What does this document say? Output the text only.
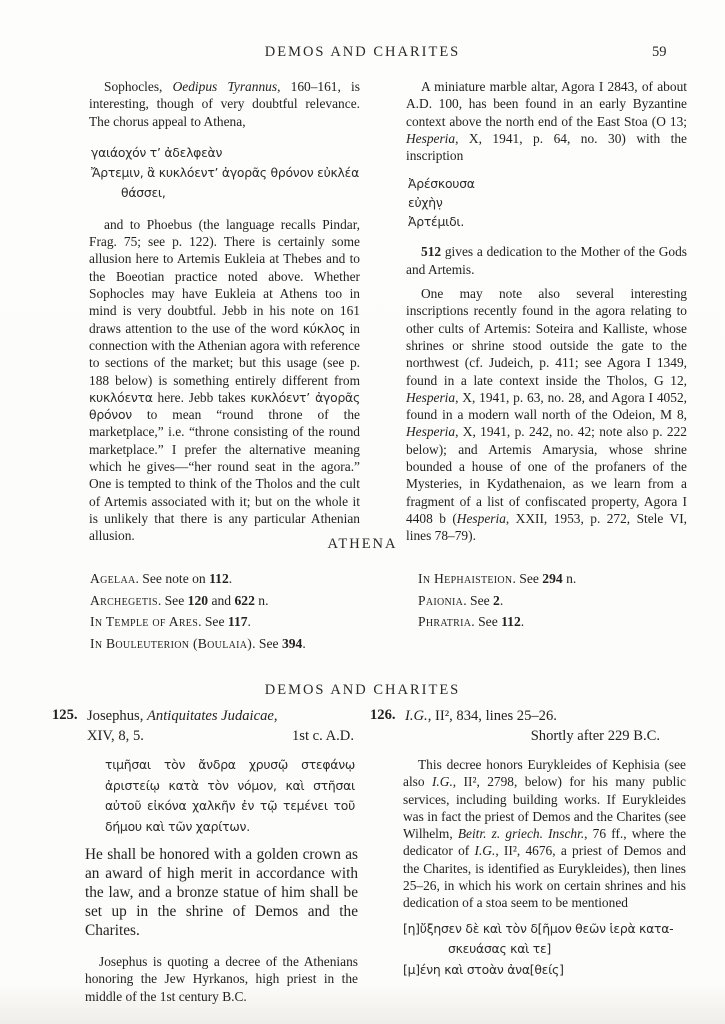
DEMOS AND CHARITES	59

Sophocles, Oedipus Tyrannus, 160–161, is interesting, though of very doubtful relevance. The chorus appeal to Athena,

γαιάοχόν τ’ ἀδελφεὰν
Ἄρτεμιν, ἃ κυκλόεντ’ ἀγορᾶς θρόνον εὐκλέα
θάσσει,

and to Phoebus (the language recalls Pindar, Frag. 75; see p. 122). There is certainly some allusion here to Artemis Eukleia at Thebes and to the Boeotian practice noted above. Whether Sophocles may have Eukleia at Athens too in mind is very doubtful. Jebb in his note on 161 draws attention to the use of the word κύκλος in connection with the Athenian agora with reference to sections of the market; but this usage (see p. 188 below) is something entirely different from κυκλόεντα here. Jebb takes κυκλόεντ’ ἀγορᾶς θρόνον to mean “round throne of the marketplace,” i.e. “throne consisting of the round marketplace.” I prefer the alternative meaning which he gives—“her round seat in the agora.” One is tempted to think of the Tholos and the cult of Artemis associated with it; but on the whole it is unlikely that there is any particular Athenian allusion.

A miniature marble altar, Agora I 2843, of about A.D. 100, has been found in an early Byzantine context above the north end of the East Stoa (O 13; Hesperia, X, 1941, p. 64, no. 30) with the inscription

Ἀρέσκουσα
εὐχὴν̣
Ἀρτέμιδι.

512 gives a dedication to the Mother of the Gods and Artemis.

One may note also several interesting inscriptions recently found in the agora relating to other cults of Artemis: Soteira and Kalliste, whose shrines or shrine stood outside the gate to the northwest (cf. Judeich, p. 411; see Agora I 1349, found in a late context inside the Tholos, G 12, Hesperia, X, 1941, p. 63, no. 28, and Agora I 4052, found in a modern wall north of the Odeion, M 8, Hesperia, X, 1941, p. 242, no. 42; note also p. 222 below); and Artemis Amarysia, whose shrine bounded a house of one of the profaners of the Mysteries, in Kydathenaion, as we learn from a fragment of a list of confiscated property, Agora I 4408 b (Hesperia, XXII, 1953, p. 272, Stele VI, lines 78–79).

ATHENA
Agelaa. See note on 112.
Archegetis. See 120 and 622 n.
In Temple of Ares. See 117.
In Bouleuterion (Boulaia). See 394.
In Hephaisteion. See 294 n.
Paionia. See 2.
Phratria. See 112.
DEMOS AND CHARITES
125. Josephus, Antiquitates Judaicae,
1st c. A.D.
XIV, 8, 5.
τιμῆσαι τὸν ἄνδρα χρυσῷ στεφάνῳ ἀριστείῳ κατὰ τὸν νόμον, καὶ στῆσαι αὐτοῦ εἰκόνα χαλκῆν ἐν τῷ τεμένει τοῦ δήμου καὶ τῶν χαρίτων.
He shall be honored with a golden crown as an award of high merit in accordance with the law, and a bronze statue of him shall be set up in the shrine of Demos and the Charites.
Josephus is quoting a decree of the Athenians honoring the Jew Hyrkanos, high priest in the middle of the 1st century B.C.
126. I.G., II², 834, lines 25–26.
Shortly after 229 B.C.
This decree honors Eurykleides of Kephisia (see also I.G., II², 2798, below) for his many public services, including building works. If Eurykleides was in fact the priest of Demos and the Charites (see Wilhelm, Beitr. z. griech. Inschr., 76 ff., where the dedicator of I.G., II², 4676, a priest of Demos and the Charites, is identified as Eurykleides), then lines 25–26, in which his work on certain shrines and his dedication of a stoa seem to be mentioned
[η]ὔξησεν δὲ καὶ τὸν δ[ῆμον θεῶν ἱερὰ κατα-
σκευάσας καὶ τε]
[μ]ένη καὶ στοὰν ἀνα[θείς]
